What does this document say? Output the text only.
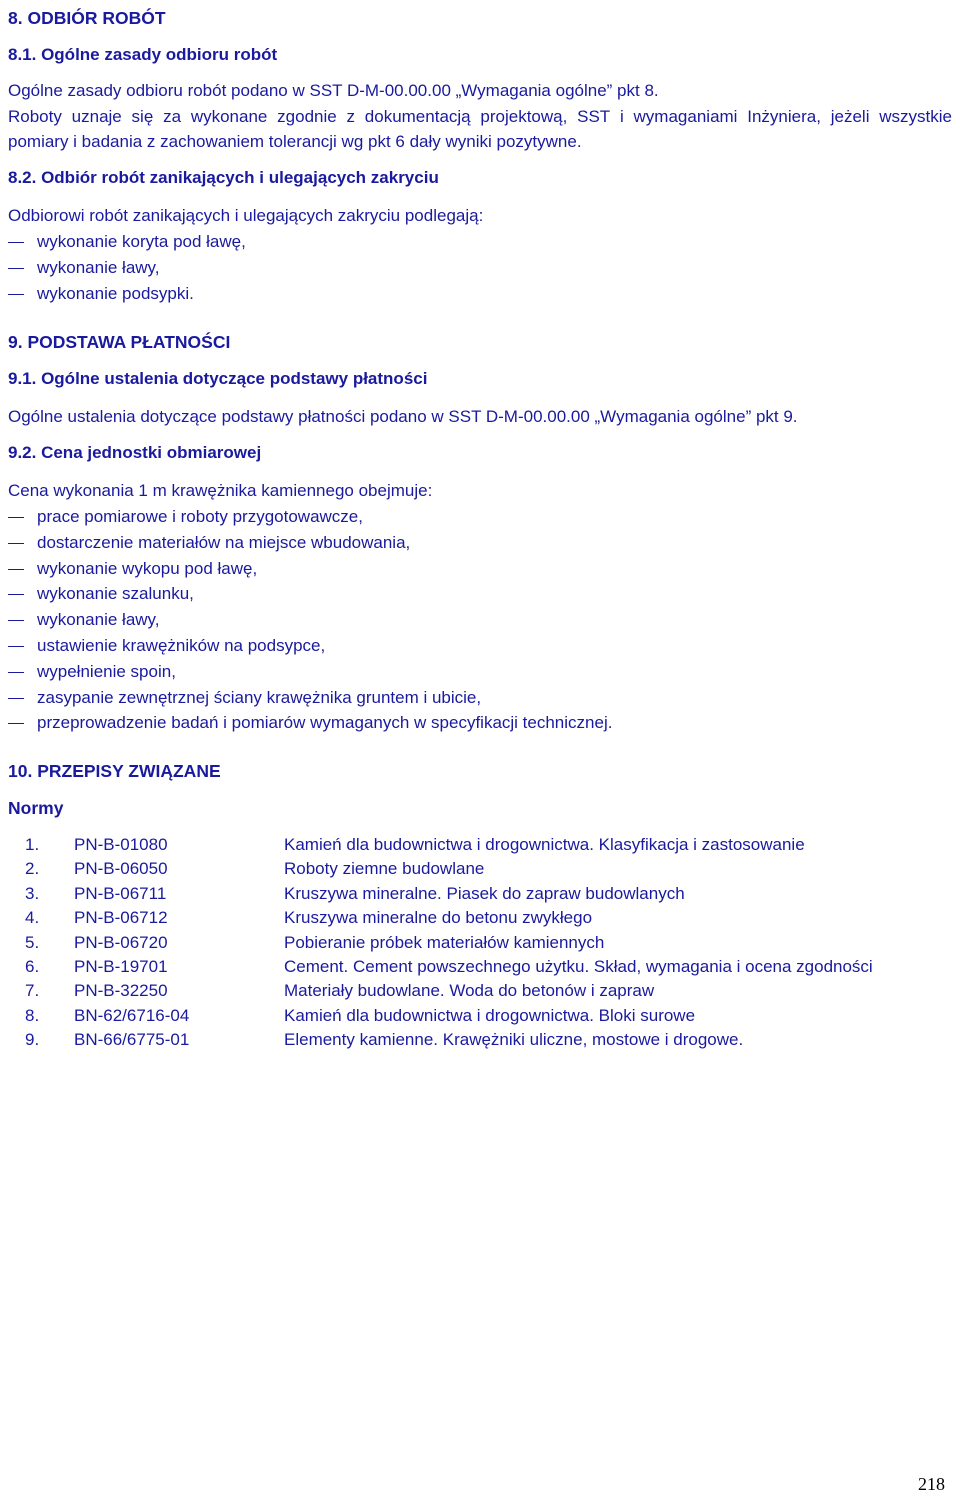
8. ODBIÓR ROBÓT
8.1. Ogólne zasady odbioru robót
Ogólne zasady odbioru robót podano w SST D-M-00.00.00 „Wymagania ogólne” pkt 8.
Roboty uznaje się za wykonane zgodnie z dokumentacją projektową, SST i wymaganiami Inżyniera, jeżeli wszystkie
pomiary i badania z zachowaniem tolerancji wg pkt 6 dały wyniki pozytywne.
8.2. Odbiór robót zanikających i ulegających zakryciu
Odbiorowi robót zanikających i ulegających zakryciu podlegają:
wykonanie koryta pod ławę,
wykonanie ławy,
wykonanie podsypki.
9. PODSTAWA PŁATNOŚCI
9.1. Ogólne ustalenia dotyczące podstawy płatności
Ogólne ustalenia dotyczące podstawy płatności podano w SST D-M-00.00.00 „Wymagania ogólne” pkt 9.
9.2. Cena jednostki obmiarowej
Cena wykonania 1 m krawężnika kamiennego obejmuje:
prace pomiarowe i roboty przygotowawcze,
dostarczenie materiałów na miejsce wbudowania,
wykonanie wykopu pod ławę,
wykonanie szalunku,
wykonanie ławy,
ustawienie krawężników na podsypce,
wypełnienie spoin,
zasypanie zewnętrznej ściany krawężnika gruntem i ubicie,
przeprowadzenie badań i pomiarów wymaganych w specyfikacji technicznej.
10. PRZEPISY ZWIĄZANE
Normy
1. PN-B-01080	Kamień dla budownictwa i drogownictwa. Klasyfikacja i zastosowanie
2. PN-B-06050	Roboty ziemne budowlane
3. PN-B-06711	Kruszywa mineralne. Piasek do zapraw budowlanych
4. PN-B-06712	Kruszywa mineralne do betonu zwykłego
5. PN-B-06720	Pobieranie próbek materiałów kamiennych
6. PN-B-19701	Cement. Cement powszechnego użytku. Skład, wymagania i ocena zgodności
7. PN-B-32250	Materiały budowlane. Woda do betonów i zapraw
8. BN-62/6716-04	Kamień dla budownictwa i drogownictwa. Bloki surowe
9. BN-66/6775-01	Elementy kamienne. Krawężniki uliczne, mostowe i drogowe.
218
